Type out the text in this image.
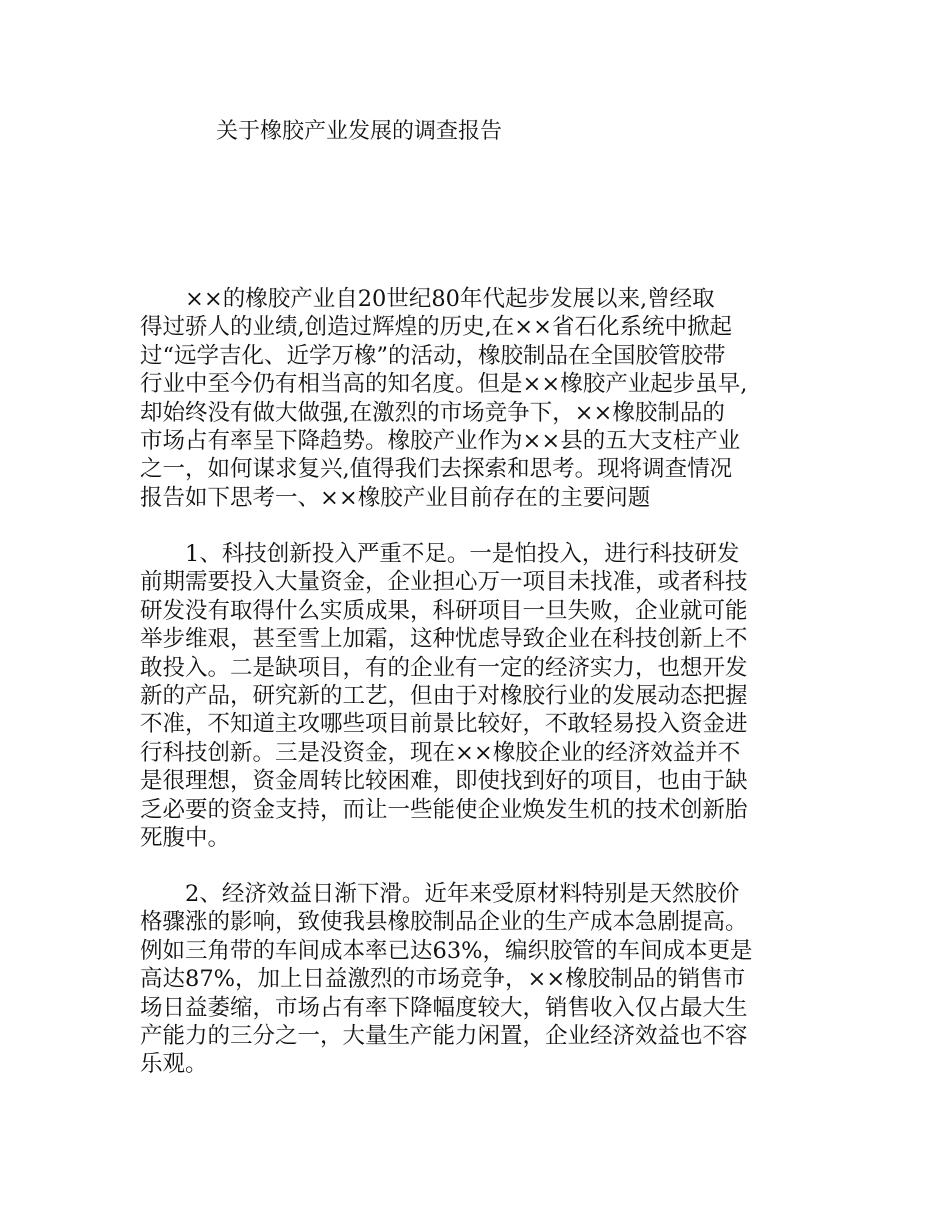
关于橡胶产业发展的调查报告
　　××的橡胶产业自20世纪80年代起步发展以来,曾经取
得过骄人的业绩,创造过辉煌的历史,在××省石化系统中掀起
过“远学吉化、近学万橡”的活动，橡胶制品在全国胶管胶带
行业中至今仍有相当高的知名度。但是××橡胶产业起步虽早,
却始终没有做大做强,在激烈的市场竞争下，××橡胶制品的
市场占有率呈下降趋势。橡胶产业作为××县的五大支柱产业
之一，如何谋求复兴,值得我们去探索和思考。现将调查情况
报告如下思考一、××橡胶产业目前存在的主要问题
　　1、科技创新投入严重不足。一是怕投入，进行科技研发
前期需要投入大量资金，企业担心万一项目未找准，或者科技
研发没有取得什么实质成果，科研项目一旦失败，企业就可能
举步维艰，甚至雪上加霜，这种忧虑导致企业在科技创新上不
敢投入。二是缺项目，有的企业有一定的经济实力，也想开发
新的产品，研究新的工艺，但由于对橡胶行业的发展动态把握
不准，不知道主攻哪些项目前景比较好，不敢轻易投入资金进
行科技创新。三是没资金，现在××橡胶企业的经济效益并不
是很理想，资金周转比较困难，即使找到好的项目，也由于缺
乏必要的资金支持，而让一些能使企业焕发生机的技术创新胎
死腹中。
　　2、经济效益日渐下滑。近年来受原材料特别是天然胶价
格骤涨的影响，致使我县橡胶制品企业的生产成本急剧提高。
例如三角带的车间成本率已达63%，编织胶管的车间成本更是
高达87%，加上日益激烈的市场竞争，××橡胶制品的销售市
场日益萎缩，市场占有率下降幅度较大，销售收入仅占最大生
产能力的三分之一，大量生产能力闲置，企业经济效益也不容
乐观。
